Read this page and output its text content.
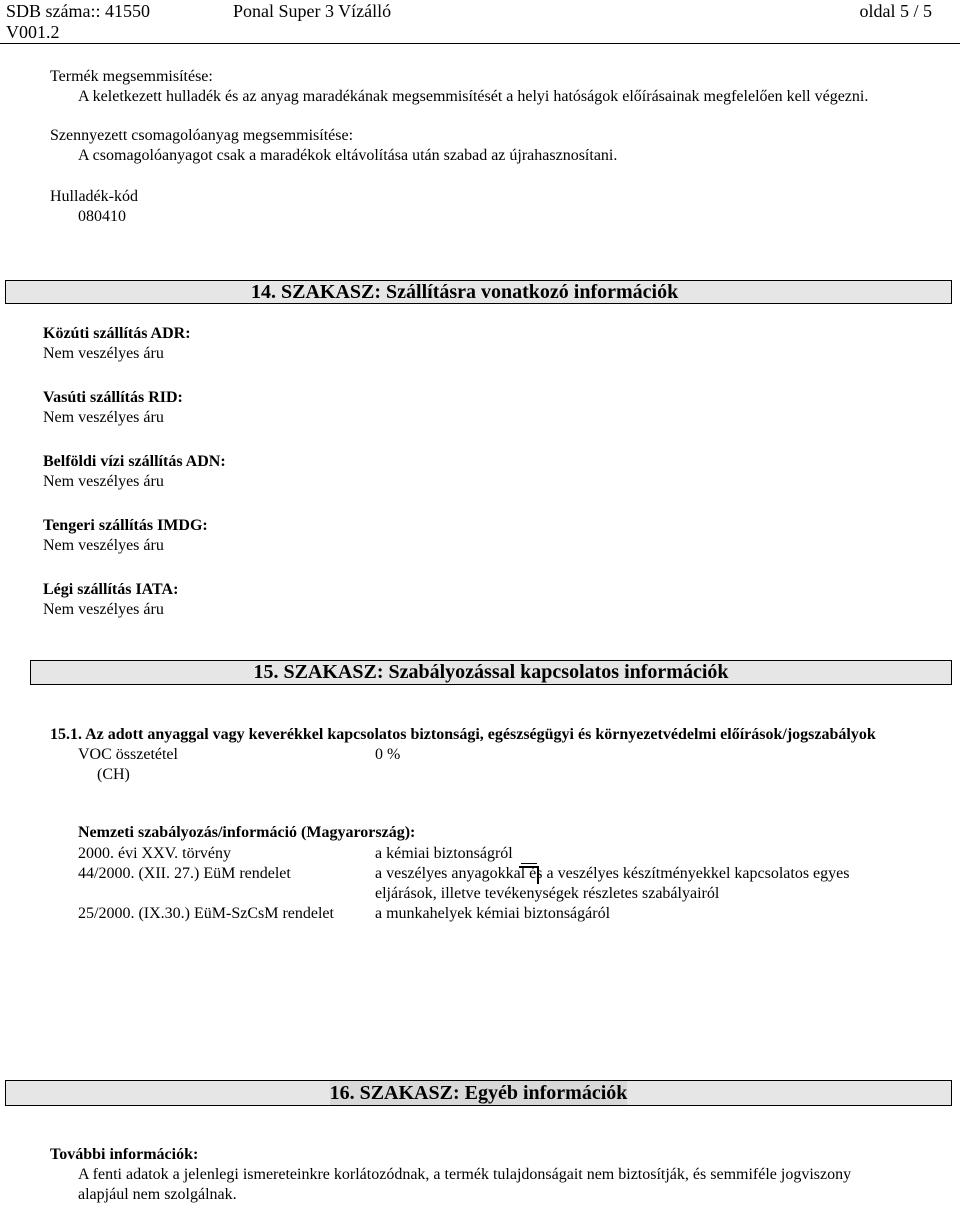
SDB száma:: 41550	Ponal Super 3 Vízálló	oldal 5 / 5
V001.2
Termék megsemmisítése:
A keletkezett hulladék és az anyag maradékának megsemmisítését a helyi hatóságok előírásainak megfelelően kell végezni.
Szennyezett csomagolóanyag megsemmisítése:
A csomagolóanyagot csak a maradékok eltávolítása után szabad az újrahasznosítani.
Hulladék-kód
080410
14. SZAKASZ: Szállításra vonatkozó információk
Közúti szállítás ADR:
Nem veszélyes áru
Vasúti szállítás RID:
Nem veszélyes áru
Belföldi vízi szállítás ADN:
Nem veszélyes áru
Tengeri szállítás IMDG:
Nem veszélyes áru
Légi szállítás IATA:
Nem veszélyes áru
15. SZAKASZ: Szabályozással kapcsolatos információk
15.1. Az adott anyaggal vagy keverékkel kapcsolatos biztonsági, egészségügyi és környezetvédelmi előírások/jogszabályok
VOC összetétel	0 %
(CH)
Nemzeti szabályozás/információ (Magyarország):
2000. évi XXV. törvény	a kémiai biztonságról
44/2000. (XII. 27.) EüM rendelet	a veszélyes anyagokkal és a veszélyes készítményekkel kapcsolatos egyes
eljárások, illetve tevékenységek részletes szabályairól
25/2000. (IX.30.) EüM-SzCsM rendelet	a munkahelyek kémiai biztonságáról
16. SZAKASZ: Egyéb információk
További információk:
A fenti adatok a jelenlegi ismereteinkre korlátozódnak, a termék tulajdonságait nem biztosítják, és semmiféle jogviszony
alapjául nem szolgálnak.
